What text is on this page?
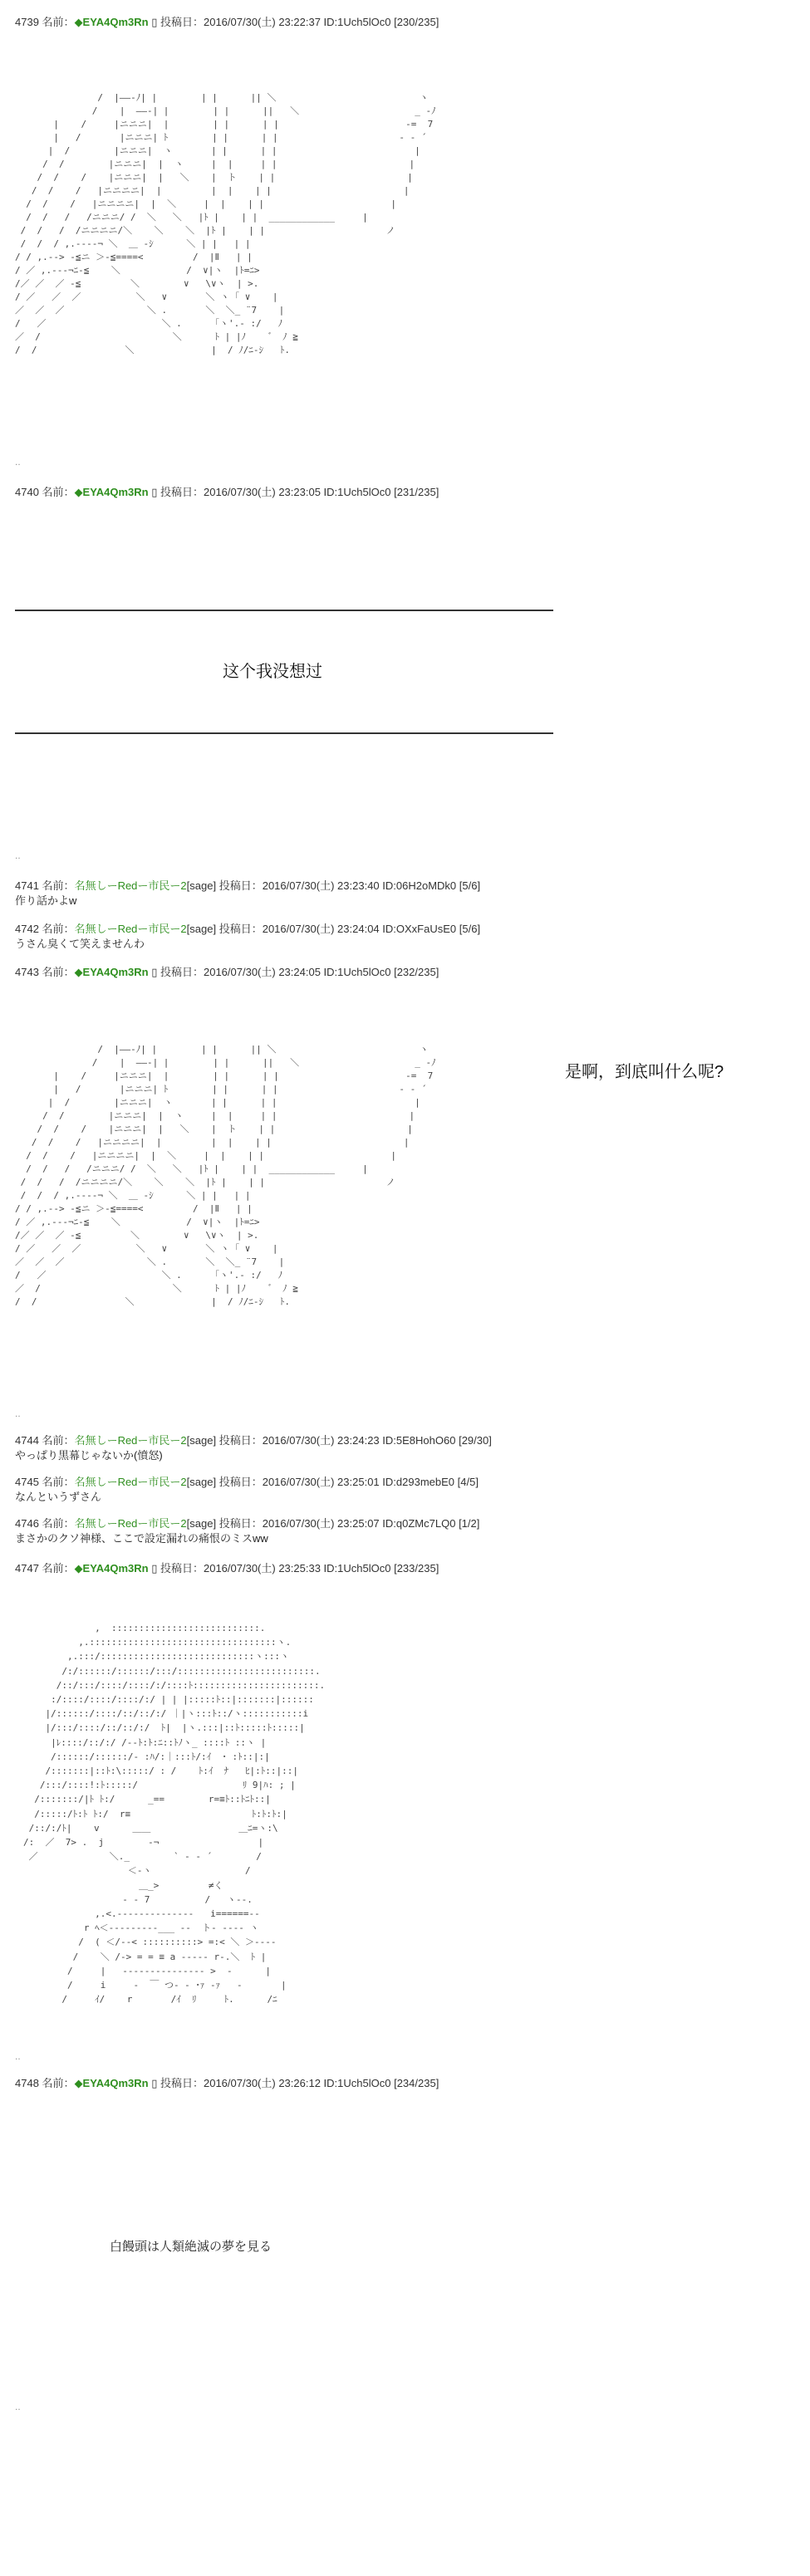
4739 名前：◆EYA4Qm3Rn ▯ 投稿日：2016/07/30(土) 23:22:37 ID:1Uch5lOc0 [230/235]
/  |――-ﾉ| |        | |      || ＼                          ヽ
/    |  ――-| |        | |      ||   ＼                     _ -ﾉ
|    /     |ニニニ|  |        | |      | |                       ‐=  7
|   /       |ニニニ| ﾄ        | |      | |                      ‐ ‐ ´
|  /        |ニニニ|  ヽ       | |      | |                         |
/  /        |ニニニ|  |  ヽ     |  |     | |                        |
/  /    /    |ニニニ|  |   ＼    |  ト    | |                        |
/  /    /   |ニニニニ|  |         |  |    | |                        |
/  /    /   |ニニニニ|  |  ＼     |  |    | |                       |
/  /   /   /ニニニ/ /  ＼   ＼   |ﾄ |    | |  ____________     |
/  /   /  /ニニニニ/＼    ＼    ＼  |ﾄ |    | |                      ノ
/  /  / ,.--‐‐¬ ＼  ＿ -ｼ      ＼ | |   | |
/ / ,.--> ‐≦ニ ＞-≦====<         /  |Ⅱ   | |
/ ／ ,.--‐¬ﾆ-≦    ＼            /  ∨|ヽ  |ﾄ=ﾆ>
/／ ／  ／ -≦         ＼        ∨   \∨ヽ  | >.
/ ／   ／  ／          ＼   ∨       ＼ ヽ ｢ ∨    |
／  ／  ／               ＼ .       ＼  ＼_ ¨7    |
/   ／                     ＼ .      ｢ヽ'.‐ :/   ﾉ
／  /                        ＼      ﾄ | |ﾉ    ゛ ﾉ ≧
/  /                ＼              |  / ﾉ/ﾆ-ｼ   ﾄ.
‥
4740 名前：◆EYA4Qm3Rn ▯ 投稿日：2016/07/30(土) 23:23:05 ID:1Uch5lOc0 [231/235]
这个我没想过
‥
4741 名前：名無しーRedー市民ー2[sage] 投稿日：2016/07/30(土) 23:23:40 ID:06H2oMDk0 [5/6]
作り話かよw
4742 名前：名無しーRedー市民ー2[sage] 投稿日：2016/07/30(土) 23:24:04 ID:OXxFaUsE0 [5/6]
うさん臭くて笑えませんわ
4743 名前：◆EYA4Qm3Rn ▯ 投稿日：2016/07/30(土) 23:24:05 ID:1Uch5lOc0 [232/235]
/  |――-ﾉ| |        | |      || ＼                          ヽ
/    |  ――-| |        | |      ||   ＼                     _ -ﾉ
|    /     |ニニニ|  |        | |      | |                       ‐=  7
|   /       |ニニニ| ﾄ        | |      | |                      ‐ ‐ ´
|  /        |ニニニ|  ヽ       | |      | |                         |
/  /        |ニニニ|  |  ヽ     |  |     | |                        |
/  /    /    |ニニニ|  |   ＼    |  ト    | |                        |
/  /    /   |ニニニニ|  |         |  |    | |                        |
/  /    /   |ニニニニ|  |  ＼     |  |    | |                       |
/  /   /   /ニニニ/ /  ＼   ＼   |ﾄ |    | |  ____________     |
/  /   /  /ニニニニ/＼    ＼    ＼  |ﾄ |    | |                      ノ
/  /  / ,.--‐‐¬ ＼  ＿ -ｼ      ＼ | |   | |
/ / ,.--> ‐≦ニ ＞-≦====<         /  |Ⅱ   | |
/ ／ ,.--‐¬ﾆ-≦    ＼            /  ∨|ヽ  |ﾄ=ﾆ>
/／ ／  ／ -≦         ＼        ∨   \∨ヽ  | >.
/ ／   ／  ／          ＼   ∨       ＼ ヽ ｢ ∨    |
／  ／  ／               ＼ .       ＼  ＼_ ¨7    |
/   ／                     ＼ .      ｢ヽ'.‐ :/   ﾉ
／  /                        ＼      ﾄ | |ﾉ    ゛ ﾉ ≧
/  /                ＼              |  / ﾉ/ﾆ-ｼ   ﾄ.
是啊，到底叫什么呢?
‥
4744 名前：名無しーRedー市民ー2[sage] 投稿日：2016/07/30(土) 23:24:23 ID:5E8HohO60 [29/30]
やっぱり黒幕じゃないか(憤怒)
4745 名前：名無しーRedー市民ー2[sage] 投稿日：2016/07/30(土) 23:25:01 ID:d293mebE0 [4/5]
なんというずさん
4746 名前：名無しーRedー市民ー2[sage] 投稿日：2016/07/30(土) 23:25:07 ID:q0ZMc7LQ0 [1/2]
まさかのクソ神様、ここで設定漏れの痛恨のミスww
4747 名前：◆EYA4Qm3Rn ▯ 投稿日：2016/07/30(土) 23:25:33 ID:1Uch5lOc0 [233/235]
,  :::::::::::::::::::::::::::.
,.::::::::::::::::::::::::::::::::::ヽ.
,.:::/::::::::::::::::::::::::::::ヽ:::ヽ
/:/::::::/::::::/:::/:::::::::::::::::::::::::.
/::/:::/::::/::::/:/::::ﾄ:::::::::::::::::::::::.
:/::::/::::/::::/:/ | | |:::::ﾄ::|:::::::|::::::
|/::::::/::::/::/::/:/ ｜|ヽ:::ﾄ::/ヽ:::::::::::i
|/:::/::::/::/::/:/  ﾄ|  |ヽ.:::|::ﾄ:::::ﾄ:::::|
|ﾚ::::/::/:/ /‐‐ﾄ:ﾄ:ﾆ::ﾄﾉヽ_ ::::ﾄ ::ヽ |
/::::::/::::::/- :ﾊ/:｜:::ﾄ/:ｲ  ･ :ﾄ::|:|
/:::::::|::ﾄ:\:::::/ : /    ﾄ:ｲ  ﾅ   ﾋ|:ﾄ::|::|
/:::/::::!:ﾄ:::::/                   ﾘ 9|ﾊ: ; |
/:::::::/|ﾄ ﾄ:/      _==        r=≡ﾄ::ﾄﾆﾄ::|
/:::::/ﾄ:ﾄ ﾄ:/  r≡                      ﾄ:ﾄ:ﾄ:|
/::/:/ﾄ|    v      ＿＿                ＿ﾆ=ヽ:\
/:  ／  7> .  j        ‐¬                  |
／             ＼._        ` ‐ ‐ ´        /
＜‐ヽ                 /
＿_>         ≠く
‐ ‐ 7          /   ヽ‐‐.
,.<.‐‐‐‐‐‐‐‐‐‐‐‐‐‐   i======‐-
r ﾍ＜‐‐‐‐‐‐‐‐‐___ ‐‐  ト‐ ‐‐‐‐ ヽ
/  ( ＜/‐‐< ::::::::::> =:< ＼ ＞-‐‐‐
/    ＼ /‐> = = ≡ a ‐‐‐‐‐ r‐.＼  ﾄ |
/     |   ‐‐‐‐‐‐‐‐‐‐‐‐‐‐‐ >  ‐      |
/     i     ‐  ￣ つ‐ ‐ ･ｧ ‐ｧ   ‐       |
/     ｲ/    r       /ｲ  ﾘ     ﾄ.      /ﾆ
‥
4748 名前：◆EYA4Qm3Rn ▯ 投稿日：2016/07/30(土) 23:26:12 ID:1Uch5lOc0 [234/235]
白饅頭は人類絶滅の夢を見る
‥
